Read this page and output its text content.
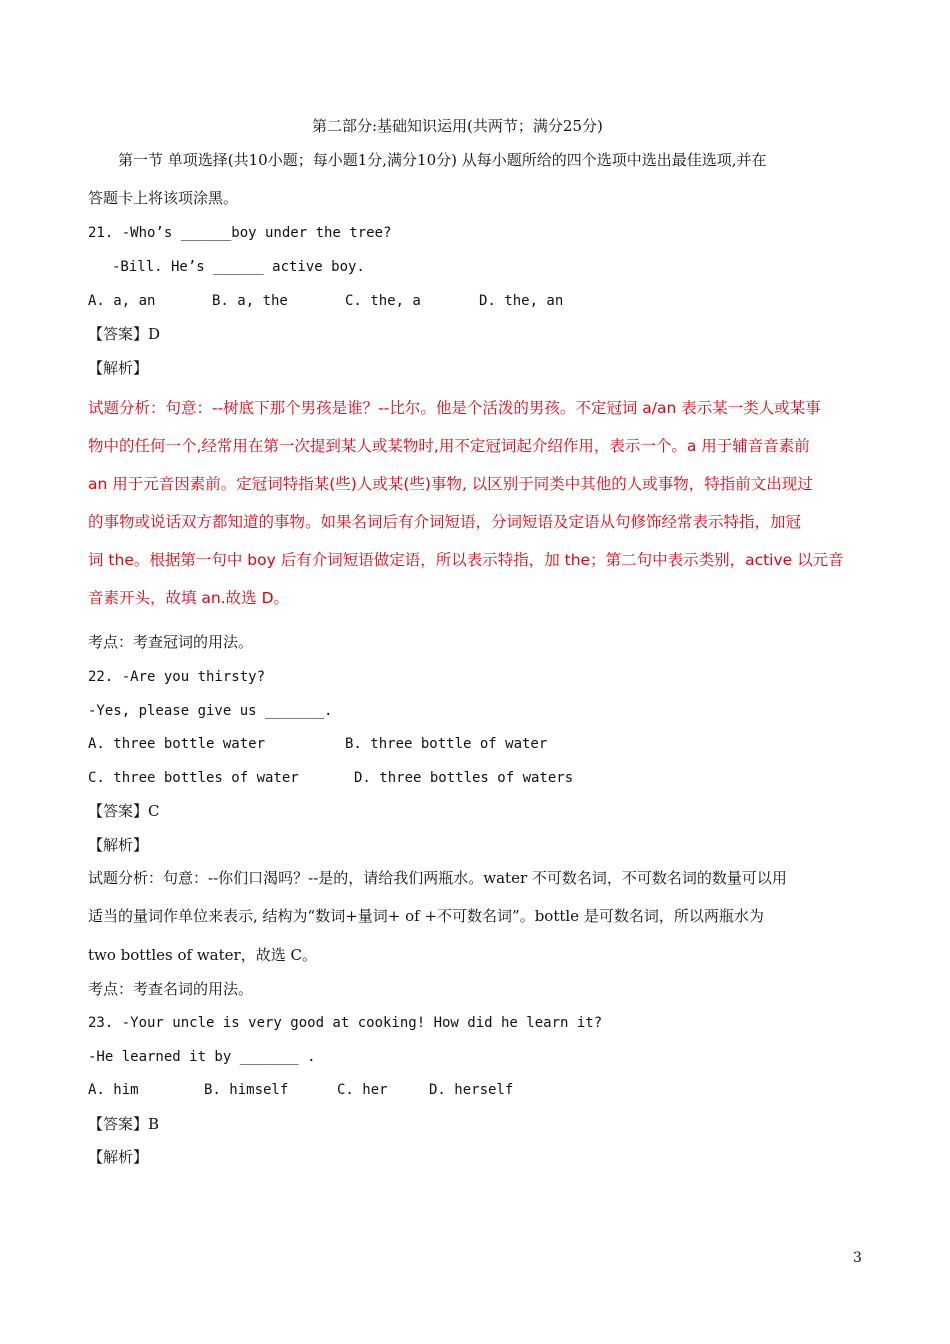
第二部分:基础知识运用(共两节；满分25分)
第一节 单项选择(共10小题；每小题1分,满分10分) 从每小题所给的四个选项中选出最佳选项,并在
答题卡上将该项涂黑。
21. -Who’s ______boy under the tree?
-Bill. He’s ______ active boy.
A. a, an	B. a, the	C. the, a	D. the, an
【答案】D
【解析】
试题分析：句意：--树底下那个男孩是谁？--比尔。他是个活泼的男孩。不定冠词 a/an 表示某一类人或某事
物中的任何一个,经常用在第一次提到某人或某物时,用不定冠词起介绍作用，表示一个。a 用于辅音音素前
an 用于元音因素前。定冠词特指某(些)人或某(些)事物, 以区别于同类中其他的人或事物，特指前文出现过
的事物或说话双方都知道的事物。如果名词后有介词短语，分词短语及定语从句修饰经常表示特指，加冠
词 the。根据第一句中 boy 后有介词短语做定语，所以表示特指，加 the；第二句中表示类别，active 以元音
音素开头，故填 an.故选 D。
考点：考查冠词的用法。
22. -Are you thirsty?
-Yes, please give us _______.
A. three bottle water	B. three bottle of water
C. three bottles of water	D. three bottles of waters
【答案】C
【解析】
试题分析：句意：--你们口渴吗？--是的，请给我们两瓶水。water 不可数名词，不可数名词的数量可以用
适当的量词作单位来表示, 结构为“数词+量词+ of +不可数名词”。bottle 是可数名词，所以两瓶水为
two bottles of water，故选 C。
考点：考查名词的用法。
23. -Your uncle is very good at cooking! How did he learn it?
-He learned it by _______ .
A. him	B. himself	C. her	D. herself
【答案】B
【解析】
3
